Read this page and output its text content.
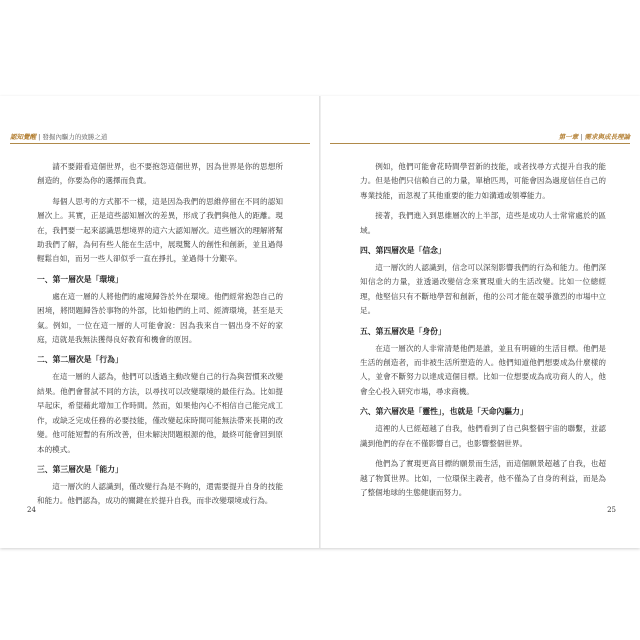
認知覺醒 | 發掘內驅力的致勝之道

請不要錯看這個世界，也不要抱怨這個世界，因為世界是你的思想所創造的，你要為你的選擇而負責。

每個人思考的方式都不一樣，這是因為我們的思維停留在不同的認知層次上。其實，正是這些認知層次的差異，形成了我們與他人的距離。現在，我們要一起來認識思想境界的這六大認知層次。這些層次的理解將幫助我們了解，為何有些人能在生活中，展現驚人的創性和創新，並且過得輕鬆自如，而另一些人卻似乎一直在掙扎，並過得十分艱辛。

一、第一層次是「環境」

處在這一層的人將他們的處境歸咎於外在環境。他們經常抱怨自己的困境，將問題歸咎於事物的外部，比如他們的上司、經濟環境，甚至是天氣。例如，一位在這一層的人可能會說：因為我來自一個出身不好的家庭，這就是我無法獲得良好教育和機會的原因。

二、第二層次是「行為」

在這一層的人認為，他們可以透過主動改變自己的行為與習慣來改變結果。他們會嘗試不同的方法，以尋找可以改變環境的最佳行為。比如提早起床，希望藉此增加工作時間。然而，如果他內心不相信自己能完成工作，或缺乏完成任務的必要技能，僅改變起床時間可能無法帶來長期的改變。他可能短暫的有所改善，但未解決問題根源的他，最終可能會回到原本的模式。

三、第三層次是「能力」

這一層次的人認識到，僅改變行為是不夠的，還需要提升自身的技能和能力。他們認為，成功的關鍵在於提升自我，而非改變環境或行為。

24
第一章 | 需求與成長理論

例如，他們可能會花時間學習新的技能，或者找尋方式提升自我的能力。但是他們只信賴自己的力量，單槍匹馬，可能會因為過度信任自己的專業技能，而忽視了其他重要的能力如溝通或領導能力。

接著，我們進入到思維層次的上半部，這些是成功人士常常處於的區域。

四、第四層次是「信念」

這一層次的人認識到，信念可以深刻影響我們的行為和能力。他們深知信念的力量，並透過改變信念來實現重大的生活改變。比如一位總經理，他堅信只有不斷地學習和創新，他的公司才能在競爭激烈的市場中立足。

五、第五層次是「身份」

在這一層次的人非常清楚他們是誰，並且有明確的生活目標。他們是生活的創造者，而非被生活所塑造的人。他們知道他們想要成為什麼樣的人，並會不斷努力以達成這個目標。比如一位想要成為成功商人的人，他會全心投入研究市場，尋求商機。

六、第六層次是「靈性」，也就是「天命內驅力」

這裡的人已經超越了自我，他們看到了自己與整個宇宙的聯繫，並認識到他們的存在不僅影響自己，也影響整個世界。

他們為了實現更高目標的願景而生活，而這個願景超越了自我，也超越了物質世界。比如，一位環保主義者，他不僅為了自身的利益，而是為了整個地球的生態健康而努力。

25
